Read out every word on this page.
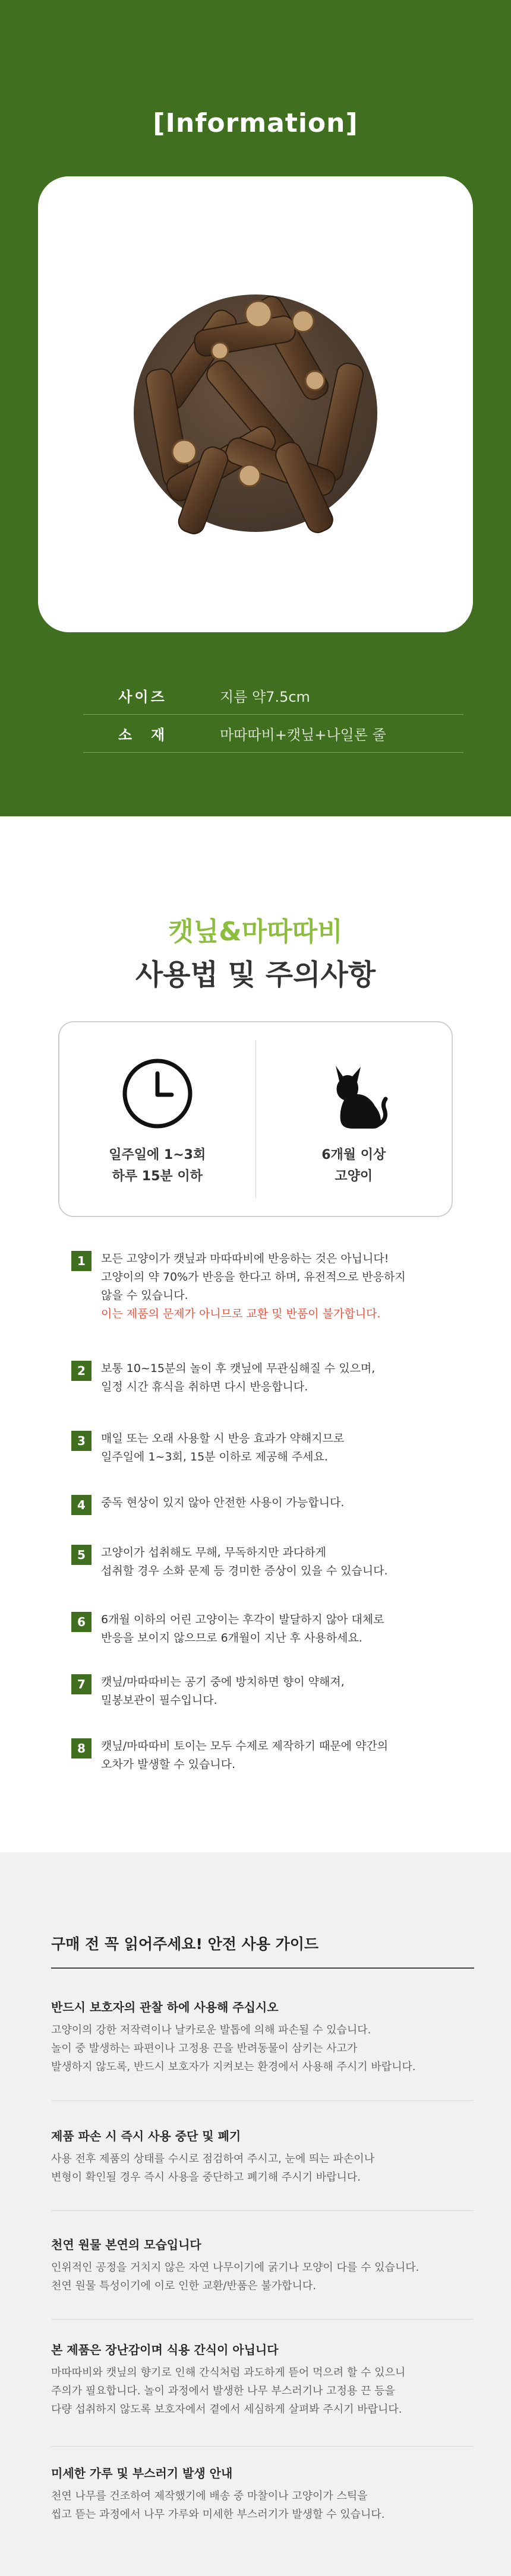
[Information]
사이즈	지름 약7.5cm
소　재	마따따비+캣닢+나일론 줄
캣닢&마따따비
사용법 및 주의사항
일주일에 1~3회
하루 15분 이하
6개월 이상
고양이
1	모든 고양이가 캣닢과 마따따비에 반응하는 것은 아닙니다!
고양이의 약 70%가 반응을 한다고 하며, 유전적으로 반응하지
않을 수 있습니다.
이는 제품의 문제가 아니므로 교환 및 반품이 불가합니다.
2	보통 10~15분의 놀이 후 캣닢에 무관심해질 수 있으며,
일정 시간 휴식을 취하면 다시 반응합니다.
3	매일 또는 오래 사용할 시 반응 효과가 약해지므로
일주일에 1~3회, 15분 이하로 제공해 주세요.
4	중독 현상이 있지 않아 안전한 사용이 가능합니다.
5	고양이가 섭취해도 무해, 무독하지만 과다하게
섭취할 경우 소화 문제 등 경미한 증상이 있을 수 있습니다.
6	6개월 이하의 어린 고양이는 후각이 발달하지 않아 대체로
반응을 보이지 않으므로 6개월이 지난 후 사용하세요.
7	캣닢/마따따비는 공기 중에 방치하면 향이 약해져,
밀봉보관이 필수입니다.
8	캣닢/마따따비 토이는 모두 수제로 제작하기 때문에 약간의
오차가 발생할 수 있습니다.
구매 전 꼭 읽어주세요! 안전 사용 가이드
반드시 보호자의 관찰 하에 사용해 주십시오

고양이의 강한 저작력이나 날카로운 발톱에 의해 파손될 수 있습니다.

놀이 중 발생하는 파편이나 고정용 끈을 반려동물이 삼키는 사고가

발생하지 않도록, 반드시 보호자가 지켜보는 환경에서 사용해 주시기 바랍니다.

제품 파손 시 즉시 사용 중단 및 폐기

사용 전후 제품의 상태를 수시로 점검하여 주시고, 눈에 띄는 파손이나

변형이 확인될 경우 즉시 사용을 중단하고 폐기해 주시기 바랍니다.

천연 원물 본연의 모습입니다

인위적인 공정을 거치지 않은 자연 나무이기에 굵기나 모양이 다를 수 있습니다.

천연 원물 특성이기에 이로 인한 교환/반품은 불가합니다.

본 제품은 장난감이며 식용 간식이 아닙니다

마따따비와 캣닢의 향기로 인해 간식처럼 과도하게 뜯어 먹으려 할 수 있으니

주의가 필요합니다. 놀이 과정에서 발생한 나무 부스러기나 고정용 끈 등을

다량 섭취하지 않도록 보호자에서 곁에서 세심하게 살펴봐 주시기 바랍니다.

미세한 가루 및 부스러기 발생 안내

천연 나무를 건조하여 제작했기에 배송 중 마찰이나 고양이가 스틱을

씹고 뜯는 과정에서 나무 가루와 미세한 부스러기가 발생할 수 있습니다.
